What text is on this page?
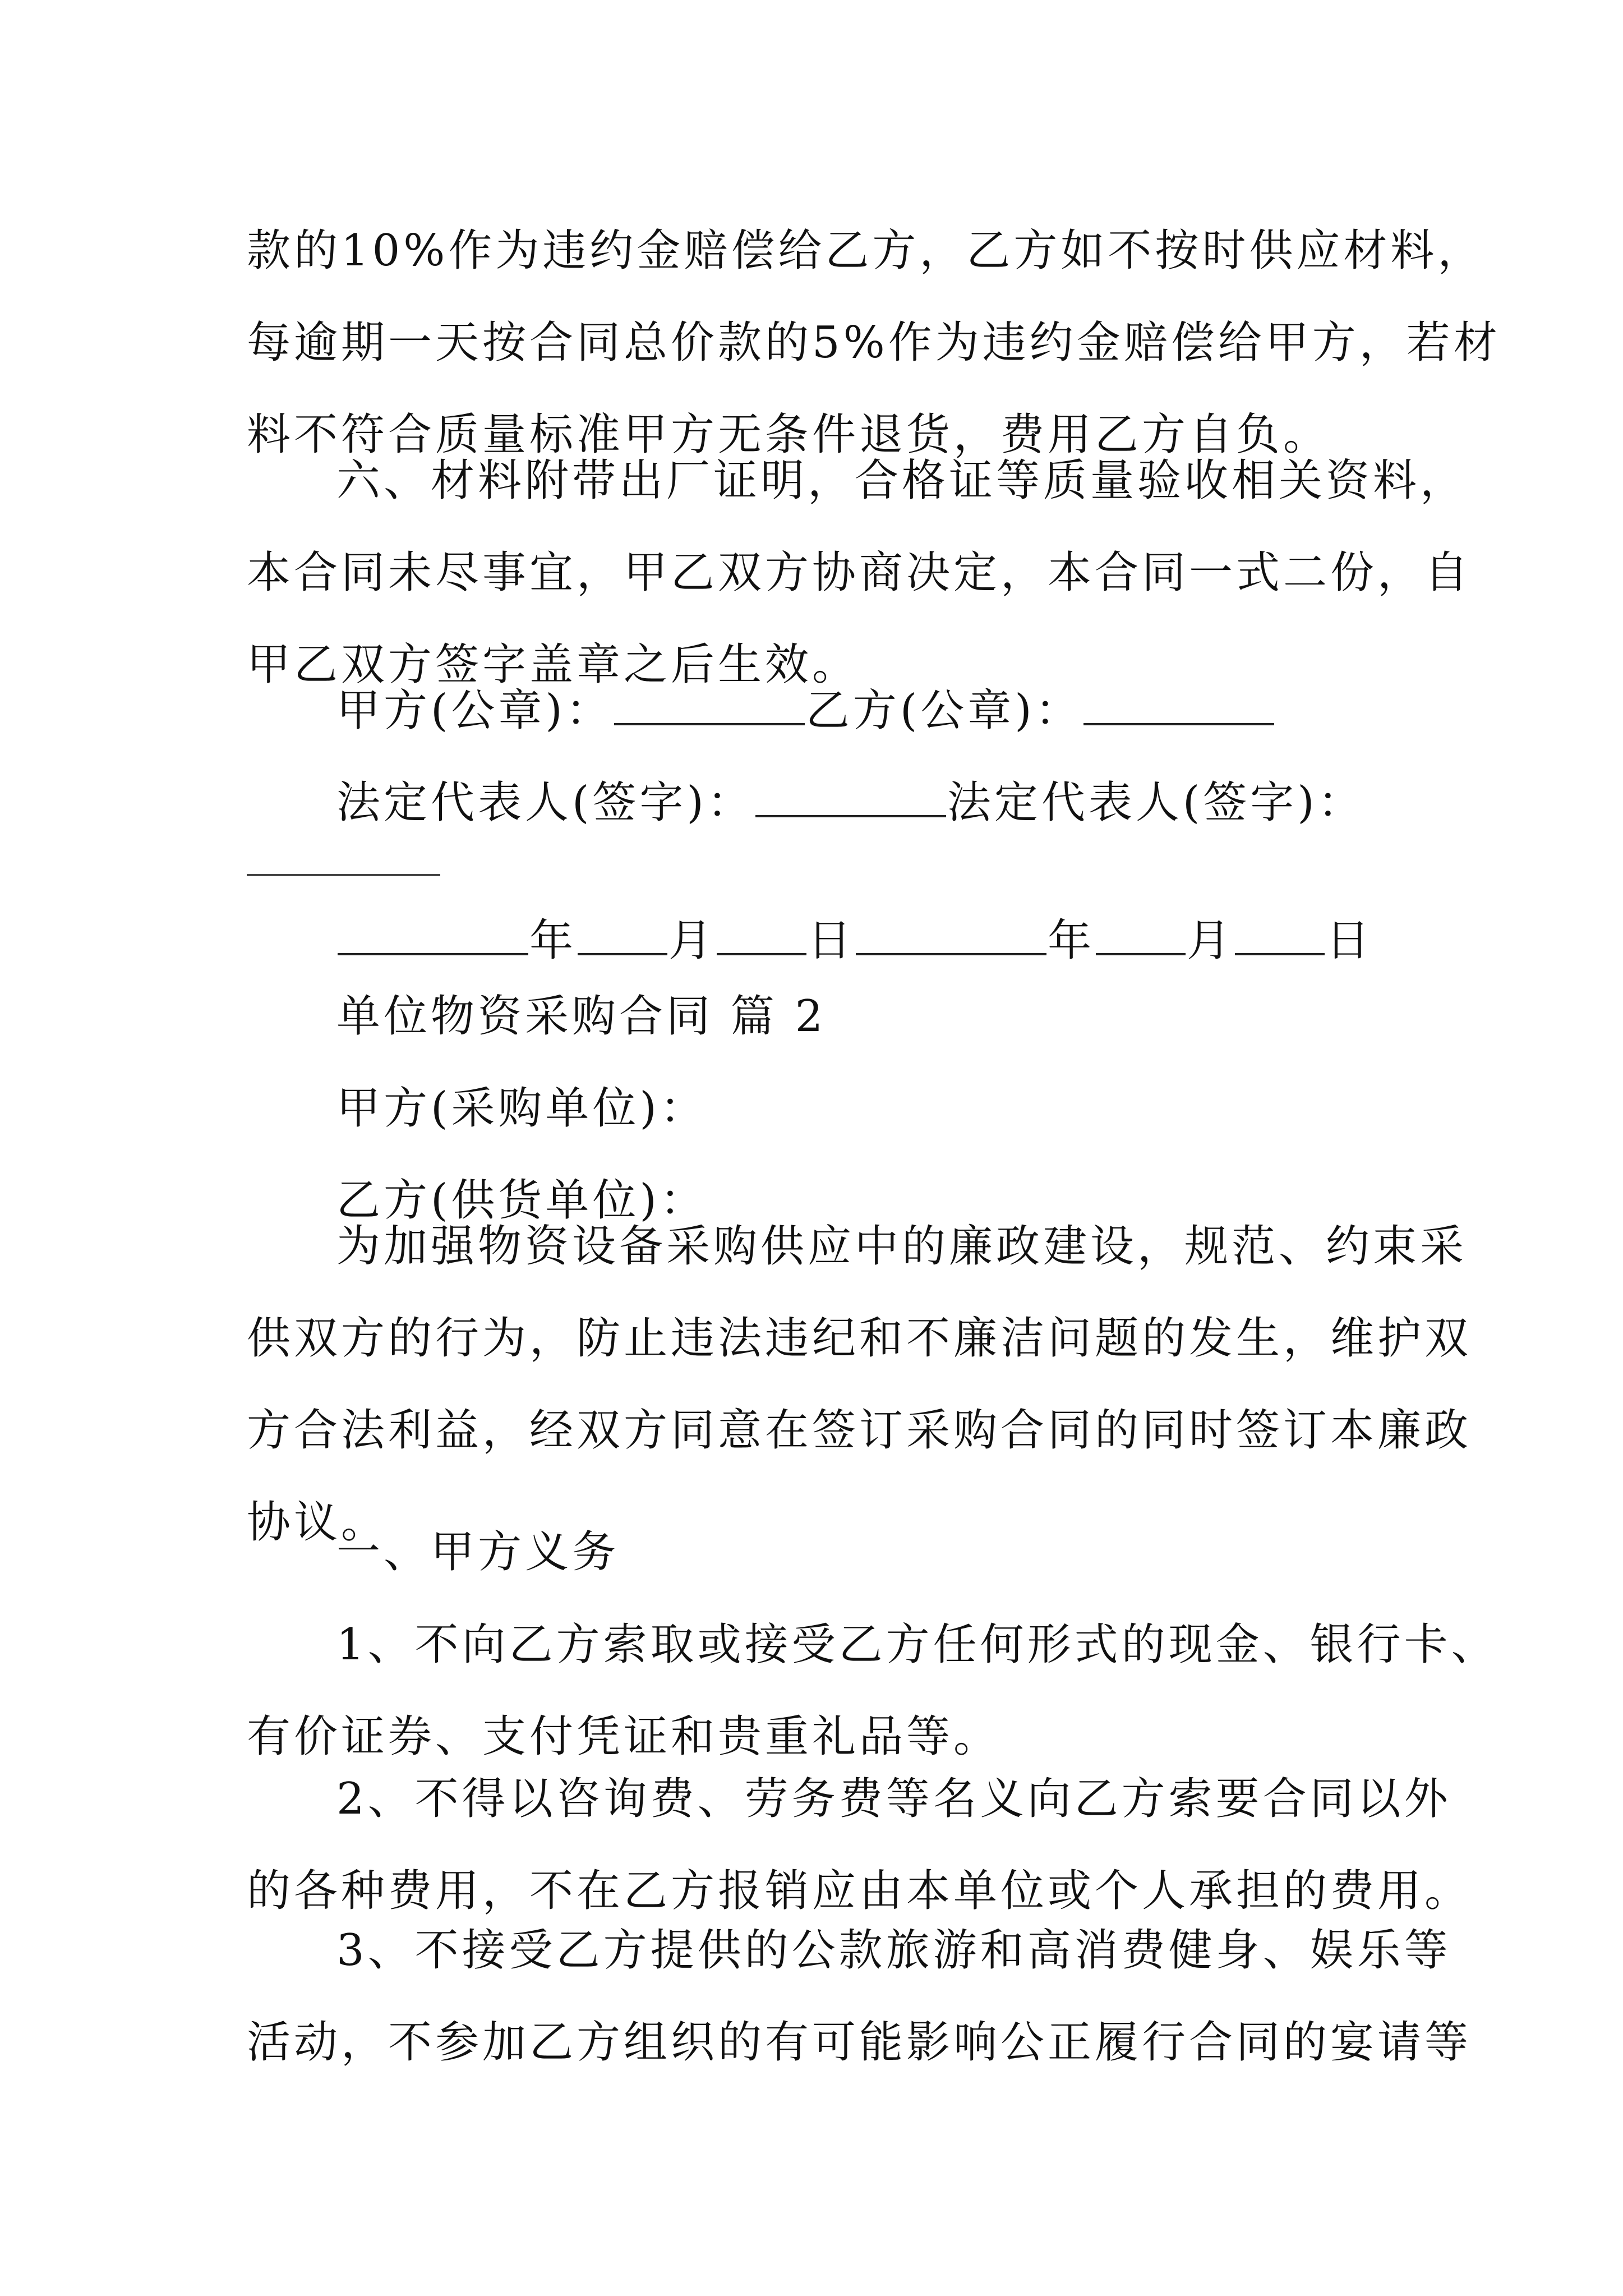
款的10%作为违约金赔偿给乙方，乙方如不按时供应材料，
每逾期一天按合同总价款的5%作为违约金赔偿给甲方，若材
料不符合质量标准甲方无条件退货，费用乙方自负。
六、材料附带出厂证明，合格证等质量验收相关资料，
本合同未尽事宜，甲乙双方协商决定，本合同一式二份，自
甲乙双方签字盖章之后生效。
甲方(公章)：	乙方(公章)：
法定代表人(签字)：	法定代表人(签字)：
年 月 日	年 月 日
单位物资采购合同 篇 2
甲方(采购单位)：
乙方(供货单位)：
为加强物资设备采购供应中的廉政建设，规范、约束采
供双方的行为，防止违法违纪和不廉洁问题的发生，维护双
方合法利益，经双方同意在签订采购合同的同时签订本廉政
协议。
一、甲方义务
1、不向乙方索取或接受乙方任何形式的现金、银行卡、
有价证券、支付凭证和贵重礼品等。
2、不得以咨询费、劳务费等名义向乙方索要合同以外
的各种费用，不在乙方报销应由本单位或个人承担的费用。
3、不接受乙方提供的公款旅游和高消费健身、娱乐等
活动，不参加乙方组织的有可能影响公正履行合同的宴请等
